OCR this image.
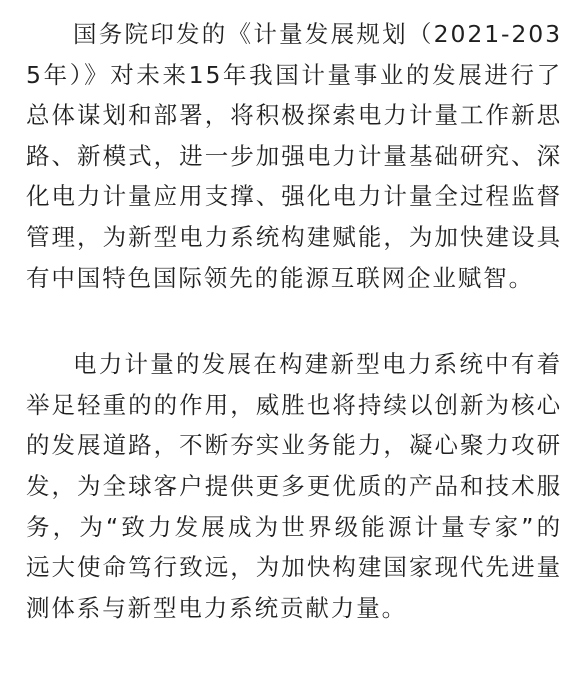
国务院印发的《计量发展规划（2021-2035年）》对未来15年我国计量事业的发展进行了总体谋划和部署，将积极探索电力计量工作新思路、新模式，进一步加强电力计量基础研究、深化电力计量应用支撑、强化电力计量全过程监督管理，为新型电力系统构建赋能，为加快建设具有中国特色国际领先的能源互联网企业赋智。

电力计量的发展在构建新型电力系统中有着举足轻重的的作用，威胜也将持续以创新为核心的发展道路，不断夯实业务能力，凝心聚力攻研发，为全球客户提供更多更优质的产品和技术服务，为“致力发展成为世界级能源计量专家”的远大使命笃行致远，为加快构建国家现代先进量测体系与新型电力系统贡献力量。
